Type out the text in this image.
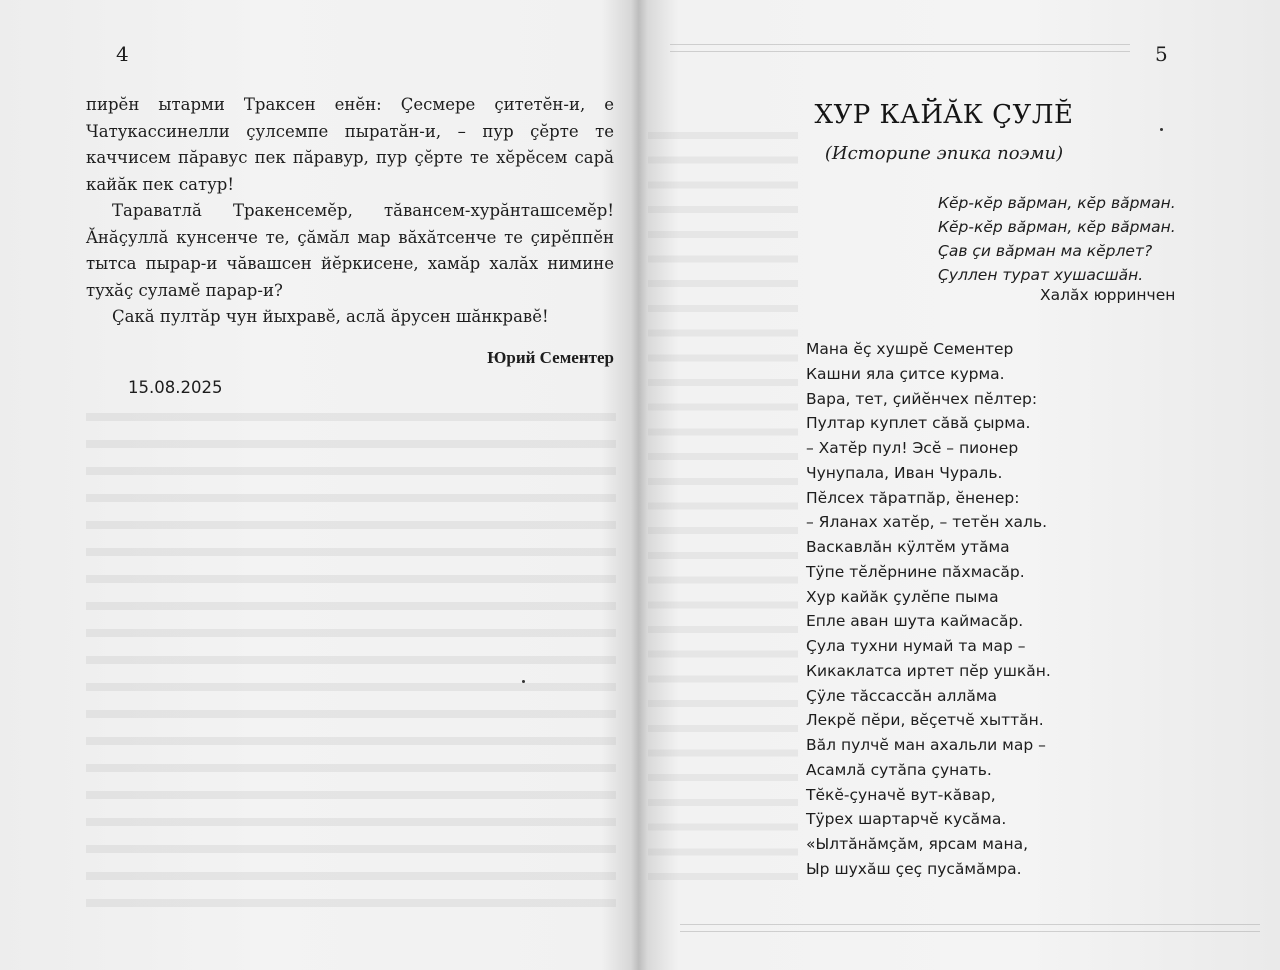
4

пирĕн ытарми Траксен енĕн: Çесмере çитетĕн-и, е Чатукассинелли çулсемпе пыратăн-и, – пур çĕрте те каччисем пăравус пек пăравур, пур çĕрте те хĕрĕсем сарă кайăк пек сатур!

Тараватлă Тракенсемĕр, тăвансем-хурăнташсемĕр! Ăнăçуллă кунсенче те, çăмăл мар вăхăтсенче те çирĕппĕн тытса пырар-и чăвашсен йĕркисене, хамăр халăх нимине тухăç суламĕ парар-и?

Çакă пултăр чун йыхравĕ, аслă ăрусен шăнкравĕ!

Юрий Сементер
15.08.2025
5
ХУР КАЙĂК ÇУЛĔ
(Историпе эпика поэми)
Кĕр-кĕр вăрман, кĕр вăрман.
Кĕр-кĕр вăрман, кĕр вăрман.
Çав çи вăрман ма кĕрлет?
Çуллен турат хушасшăн.
Халăх юрринчен
Мана ĕç хушрĕ Сементер
Кашни яла çитсе курма.
Вара, тет, çийĕнчех пĕлтер:
Пултар куплет сăвă çырма.
– Хатĕр пул! Эсĕ – пионер
Чунупала, Иван Чураль.
Пĕлсех тăратпăр, ĕненер:
– Яланах хатĕр, – тетĕн халь.
Васкавлăн кÿлтĕм утăма
Тÿпе тĕлĕрнине пăхмасăр.
Хур кайăк çулĕпе пыма
Епле аван шута каймасăр.
Çула тухни нумай та мар –
Кикаклатса иртет пĕр ушкăн.
Çÿле тăссассăн аллăма
Лекрĕ пĕри, вĕçетчĕ хыттăн.
Вăл пулчĕ ман ахальли мар –
Асамлă сутăпа çунать.
Тĕкĕ-çуначĕ вут-кăвар,
Тÿрех шартарчĕ кусăма.
«Ылтăнăмçăм, ярсам мана,
Ыр шухăш çеç пусăмăмра.
